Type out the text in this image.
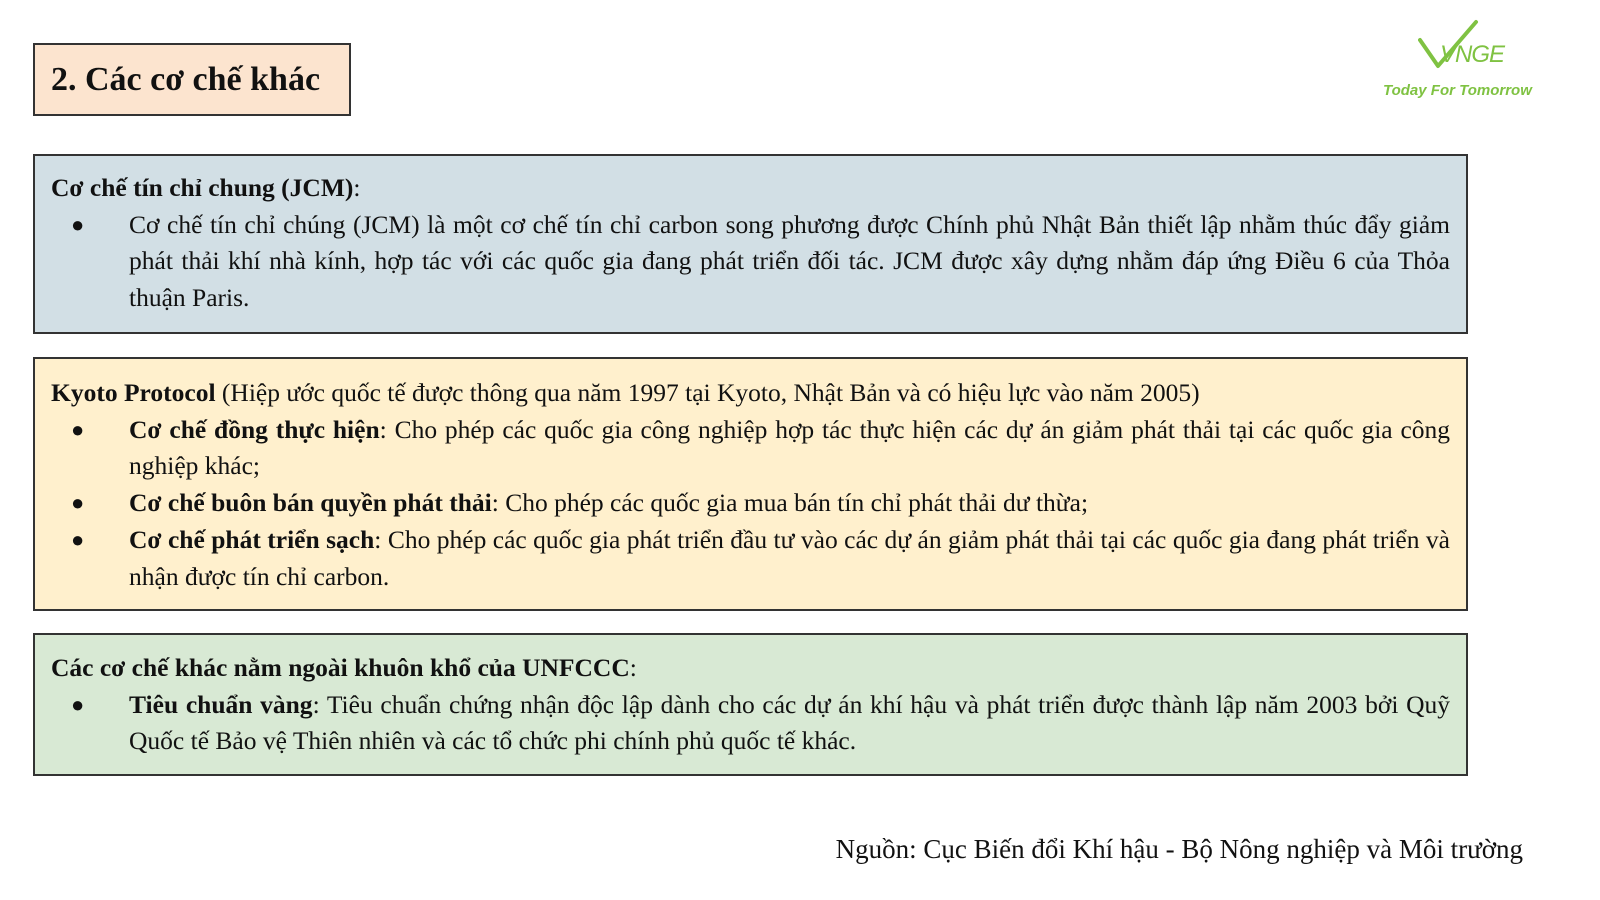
2. Các cơ chế khác
VNGE
Today For Tomorrow
Cơ chế tín chỉ chung (JCM):
● Cơ chế tín chỉ chúng (JCM) là một cơ chế tín chỉ carbon song phương được Chính phủ Nhật Bản thiết lập nhằm thúc đẩy giảm phát thải khí nhà kính, hợp tác với các quốc gia đang phát triển đối tác. JCM được xây dựng nhằm đáp ứng Điều 6 của Thỏa thuận Paris.
Kyoto Protocol (Hiệp ước quốc tế được thông qua năm 1997 tại Kyoto, Nhật Bản và có hiệu lực vào năm 2005)
● Cơ chế đồng thực hiện: Cho phép các quốc gia công nghiệp hợp tác thực hiện các dự án giảm phát thải tại các quốc gia công nghiệp khác;
● Cơ chế buôn bán quyền phát thải: Cho phép các quốc gia mua bán tín chỉ phát thải dư thừa;
● Cơ chế phát triển sạch: Cho phép các quốc gia phát triển đầu tư vào các dự án giảm phát thải tại các quốc gia đang phát triển và nhận được tín chỉ carbon.
Các cơ chế khác nằm ngoài khuôn khổ của UNFCCC:
● Tiêu chuẩn vàng: Tiêu chuẩn chứng nhận độc lập dành cho các dự án khí hậu và phát triển được thành lập năm 2003 bởi Quỹ Quốc tế Bảo vệ Thiên nhiên và các tổ chức phi chính phủ quốc tế khác.
Nguồn: Cục Biến đổi Khí hậu - Bộ Nông nghiệp và Môi trường
